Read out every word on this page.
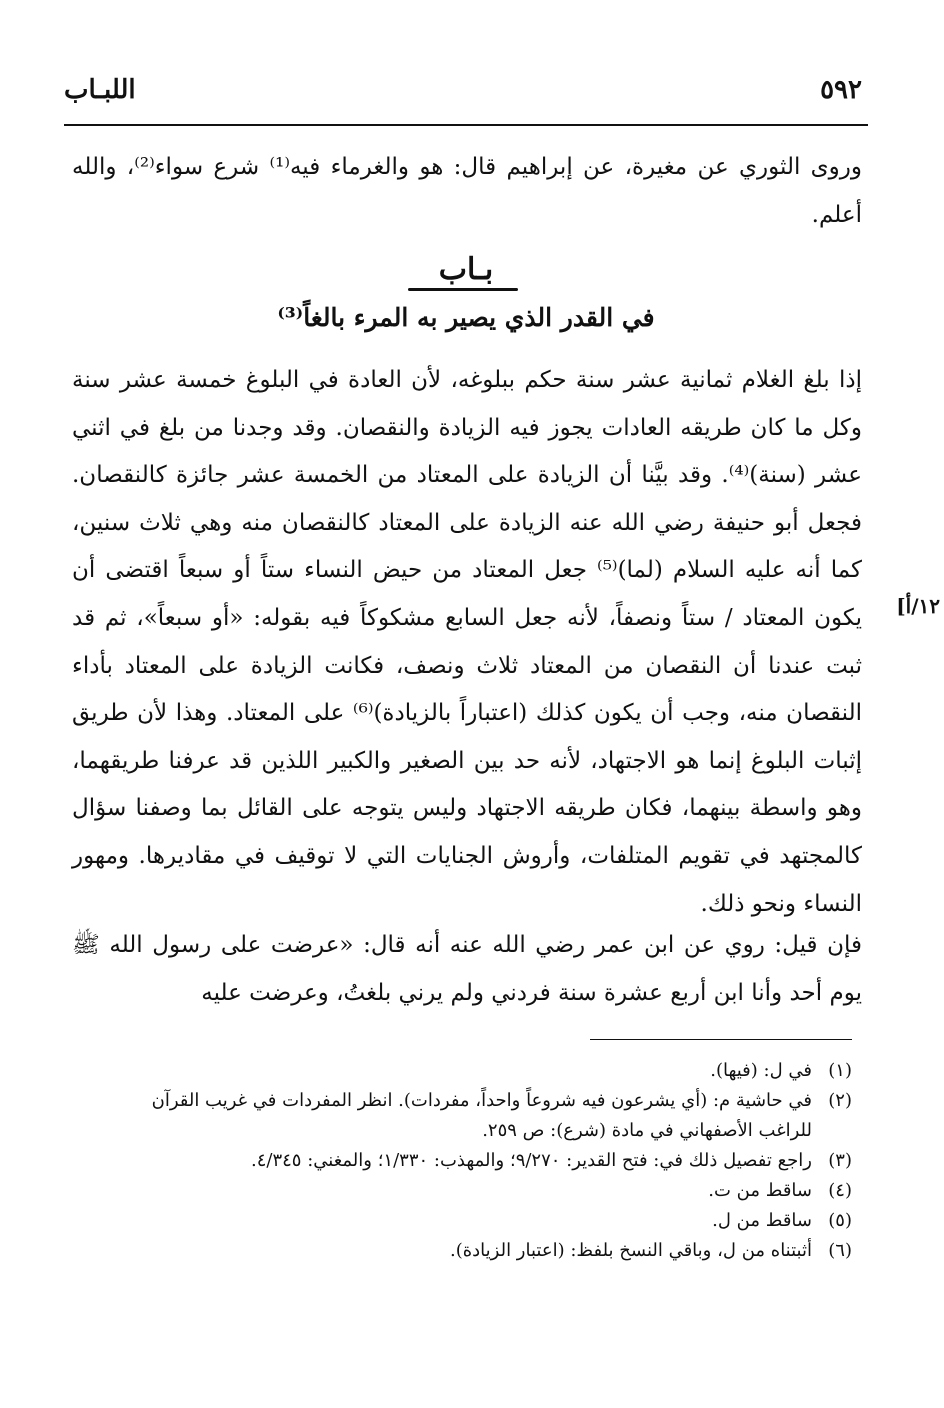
٥٩٢
اللبـاب

وروى الثوري عن مغيرة، عن إبراهيم قال: هو والغرماء فيه⁽¹⁾ شرع سواء⁽²⁾، والله أعلم.

بـاب
في القدر الذي يصير به المرء بالغاً⁽³⁾

إذا بلغ الغلام ثمانية عشر سنة حكم ببلوغه، لأن العادة في البلوغ خمسة عشر سنة وكل ما كان طريقه العادات يجوز فيه الزيادة والنقصان. وقد وجدنا من بلغ في اثني عشر (سنة)⁽⁴⁾. وقد بيَّنا أن الزيادة على المعتاد من الخمسة عشر جائزة كالنقصان. فجعل أبو حنيفة رضي الله عنه الزيادة على المعتاد كالنقصان منه وهي ثلاث سنين، كما أنه عليه السلام (لما)⁽⁵⁾ جعل المعتاد من حيض النساء ستاً أو سبعاً اقتضى أن يكون المعتاد / ستاً ونصفاً، لأنه جعل السابع مشكوكاً فيه بقوله: «أو سبعاً»، ثم قد ثبت عندنا أن النقصان من المعتاد ثلاث ونصف، فكانت الزيادة على المعتاد بأداء النقصان منه، وجب أن يكون كذلك (اعتباراً بالزيادة)⁽⁶⁾ على المعتاد. وهذا لأن طريق إثبات البلوغ إنما هو الاجتهاد، لأنه حد بين الصغير والكبير اللذين قد عرفنا طريقهما، وهو واسطة بينهما، فكان طريقه الاجتهاد وليس يتوجه على القائل بما وصفنا سؤال كالمجتهد في تقويم المتلفات، وأروش الجنايات التي لا توقيف في مقاديرها. ومهور النساء ونحو ذلك.

١٢/أ]

فإن قيل: روي عن ابن عمر رضي الله عنه أنه قال: «عرضت على رسول الله ﷺ يوم أحد وأنا ابن أربع عشرة سنة فردني ولم يرني بلغتُ، وعرضت عليه

(١)
في ل: (فيها).
(٢)
في حاشية م: (أي يشرعون فيه شروعاً واحداً، مفردات). انظر المفردات في غريب القرآن
للراغب الأصفهاني في مادة (شرع): ص ٢٥٩.
(٣)
راجع تفصيل ذلك في: فتح القدير: ٩/٢٧٠؛ والمهذب: ١/٣٣٠؛ والمغني: ٤/٣٤٥.
(٤)
ساقط من ت.
(٥)
ساقط من ل.
(٦)
أثبتناه من ل، وباقي النسخ بلفظ: (اعتبار الزيادة).
